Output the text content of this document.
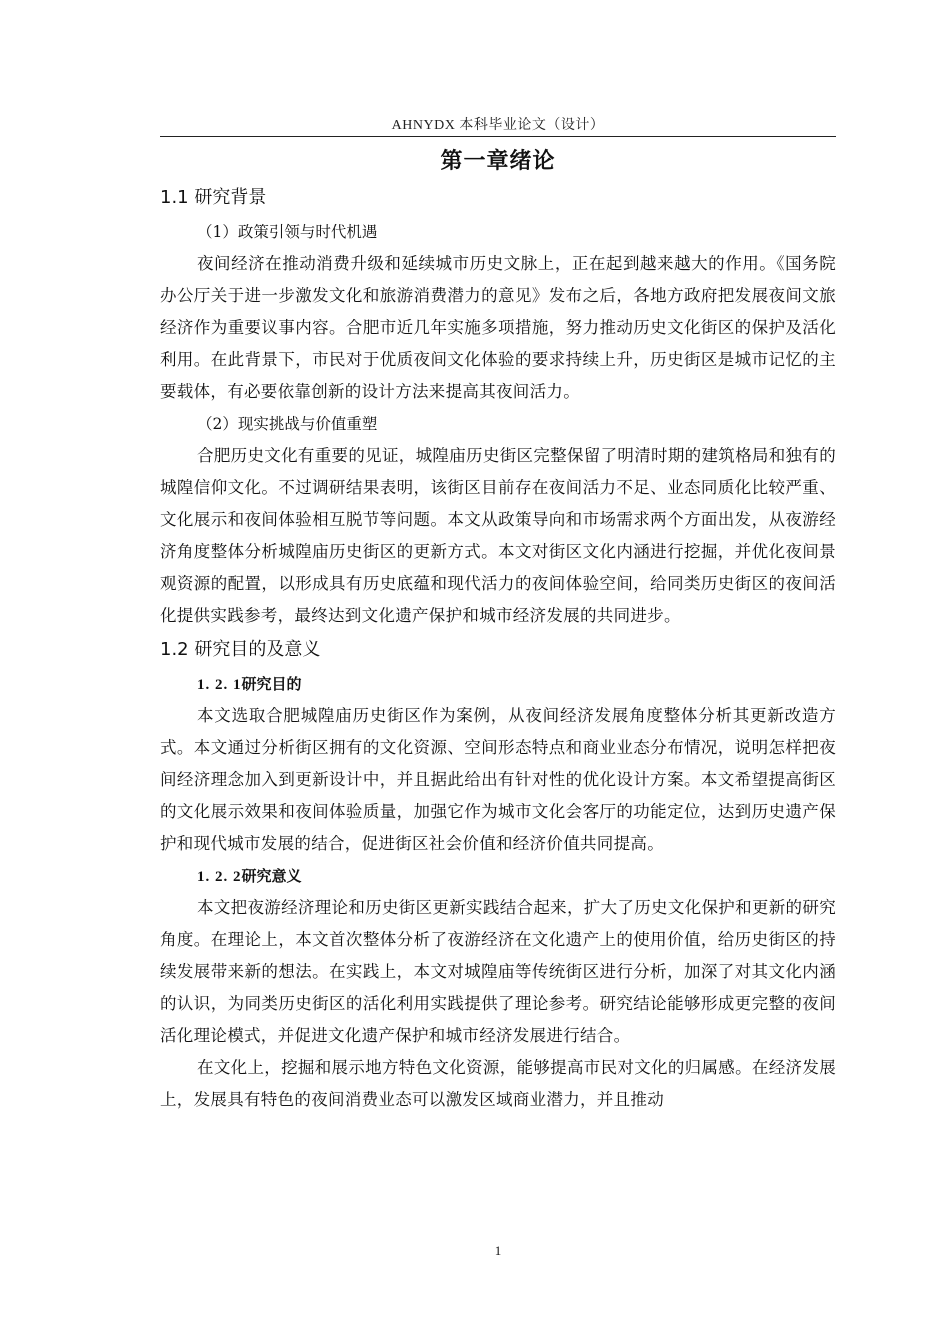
AHNYDX 本科毕业论文（设计）
第一章绪论
1.1 研究背景

（1）政策引领与时代机遇

夜间经济在推动消费升级和延续城市历史文脉上，正在起到越来越大的作用。《国务院办公厅关于进一步激发文化和旅游消费潜力的意见》发布之后，各地方政府把发展夜间文旅经济作为重要议事内容。合肥市近几年实施多项措施，努力推动历史文化街区的保护及活化利用。在此背景下，市民对于优质夜间文化体验的要求持续上升，历史街区是城市记忆的主要载体，有必要依靠创新的设计方法来提高其夜间活力。

（2）现实挑战与价值重塑

合肥历史文化有重要的见证，城隍庙历史街区完整保留了明清时期的建筑格局和独有的城隍信仰文化。不过调研结果表明，该街区目前存在夜间活力不足、业态同质化比较严重、文化展示和夜间体验相互脱节等问题。本文从政策导向和市场需求两个方面出发，从夜游经济角度整体分析城隍庙历史街区的更新方式。本文对街区文化内涵进行挖掘，并优化夜间景观资源的配置，以形成具有历史底蕴和现代活力的夜间体验空间，给同类历史街区的夜间活化提供实践参考，最终达到文化遗产保护和城市经济发展的共同进步。

1.2 研究目的及意义
1. 2. 1研究目的

本文选取合肥城隍庙历史街区作为案例，从夜间经济发展角度整体分析其更新改造方式。本文通过分析街区拥有的文化资源、空间形态特点和商业业态分布情况，说明怎样把夜间经济理念加入到更新设计中，并且据此给出有针对性的优化设计方案。本文希望提高街区的文化展示效果和夜间体验质量，加强它作为城市文化会客厅的功能定位，达到历史遗产保护和现代城市发展的结合，促进街区社会价值和经济价值共同提高。

1. 2. 2研究意义

本文把夜游经济理论和历史街区更新实践结合起来，扩大了历史文化保护和更新的研究角度。在理论上，本文首次整体分析了夜游经济在文化遗产上的使用价值，给历史街区的持续发展带来新的想法。在实践上，本文对城隍庙等传统街区进行分析，加深了对其文化内涵的认识，为同类历史街区的活化利用实践提供了理论参考。研究结论能够形成更完整的夜间活化理论模式，并促进文化遗产保护和城市经济发展进行结合。

在文化上，挖掘和展示地方特色文化资源，能够提高市民对文化的归属感。在经济发展上，发展具有特色的夜间消费业态可以激发区域商业潜力，并且推动

1
